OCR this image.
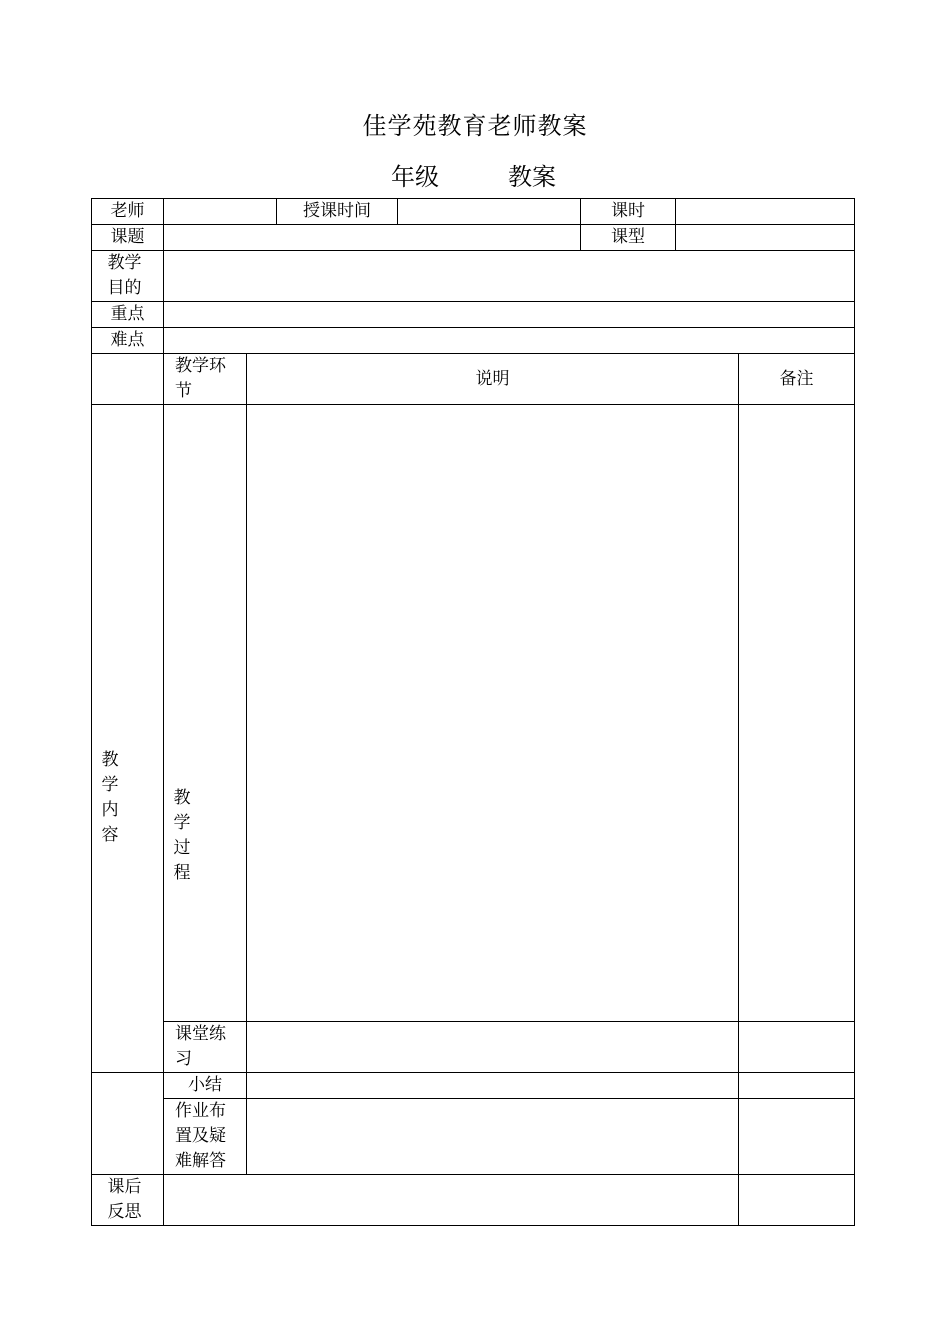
佳学苑教育老师教案
年级	教案
老师			授课时间		课时		
课题					课型		

教学目的							

重点							
难点							

	教学环节	说明					备注

教学内容	教学过程						

	课堂练习						

	小结						

	作业布置及疑难解答						

课后反思							
